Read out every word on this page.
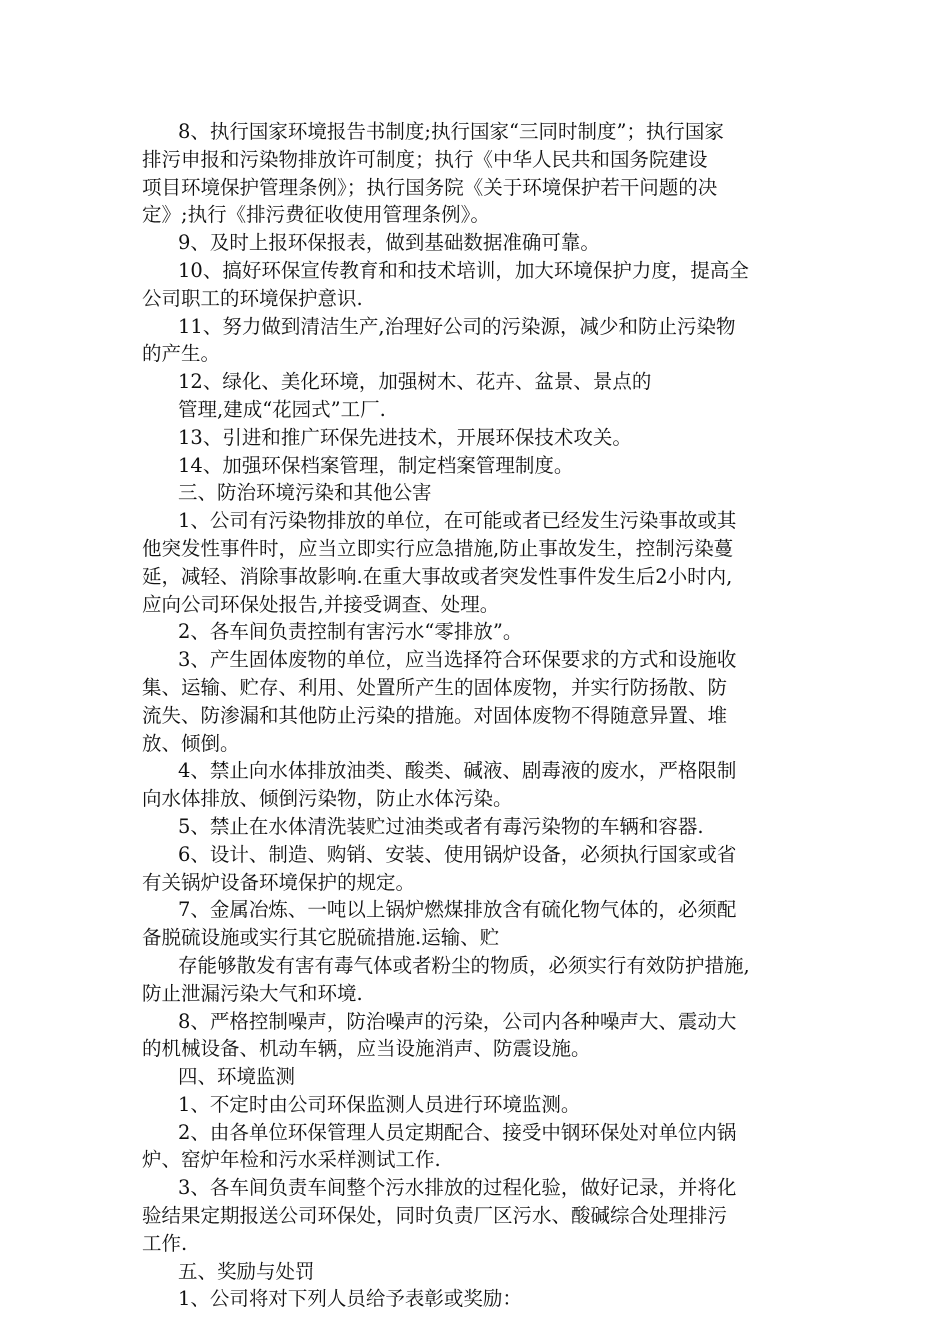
8、执行国家环境报告书制度;执行国家“三同时制度”；执行国家
排污申报和污染物排放许可制度；执行《中华人民共和国务院建设
项目环境保护管理条例》；执行国务院《关于环境保护若干问题的决
定》;执行《排污费征收使用管理条例》。
9、及时上报环保报表，做到基础数据准确可靠。
10、搞好环保宣传教育和和技术培训，加大环境保护力度，提高全
公司职工的环境保护意识.
11、努力做到清洁生产,治理好公司的污染源，减少和防止污染物
的产生。
12、绿化、美化环境，加强树木、花卉、盆景、景点的
管理,建成“花园式”工厂.
13、引进和推广环保先进技术，开展环保技术攻关。
14、加强环保档案管理，制定档案管理制度。
三、防治环境污染和其他公害
1、公司有污染物排放的单位，在可能或者已经发生污染事故或其
他突发性事件时，应当立即实行应急措施,防止事故发生，控制污染蔓
延，减轻、消除事故影响.在重大事故或者突发性事件发生后2小时内,
应向公司环保处报告,并接受调查、处理。
2、各车间负责控制有害污水“零排放”。
3、产生固体废物的单位，应当选择符合环保要求的方式和设施收
集、运输、贮存、利用、处置所产生的固体废物，并实行防扬散、防
流失、防渗漏和其他防止污染的措施。对固体废物不得随意异置、堆
放、倾倒。
4、禁止向水体排放油类、酸类、碱液、剧毒液的废水，严格限制
向水体排放、倾倒污染物，防止水体污染。
5、禁止在水体清洗装贮过油类或者有毒污染物的车辆和容器.
6、设计、制造、购销、安装、使用锅炉设备，必须执行国家或省
有关锅炉设备环境保护的规定。
7、金属冶炼、一吨以上锅炉燃煤排放含有硫化物气体的，必须配
备脱硫设施或实行其它脱硫措施.运输、贮
存能够散发有害有毒气体或者粉尘的物质，必须实行有效防护措施,
防止泄漏污染大气和环境.
8、严格控制噪声，防治噪声的污染，公司内各种噪声大、震动大
的机械设备、机动车辆，应当设施消声、防震设施。
四、环境监测
1、不定时由公司环保监测人员进行环境监测。
2、由各单位环保管理人员定期配合、接受中钢环保处对单位内锅
炉、窑炉年检和污水采样测试工作.
3、各车间负责车间整个污水排放的过程化验，做好记录，并将化
验结果定期报送公司环保处，同时负责厂区污水、酸碱综合处理排污
工作.
五、奖励与处罚
1、公司将对下列人员给予表彰或奖励：
